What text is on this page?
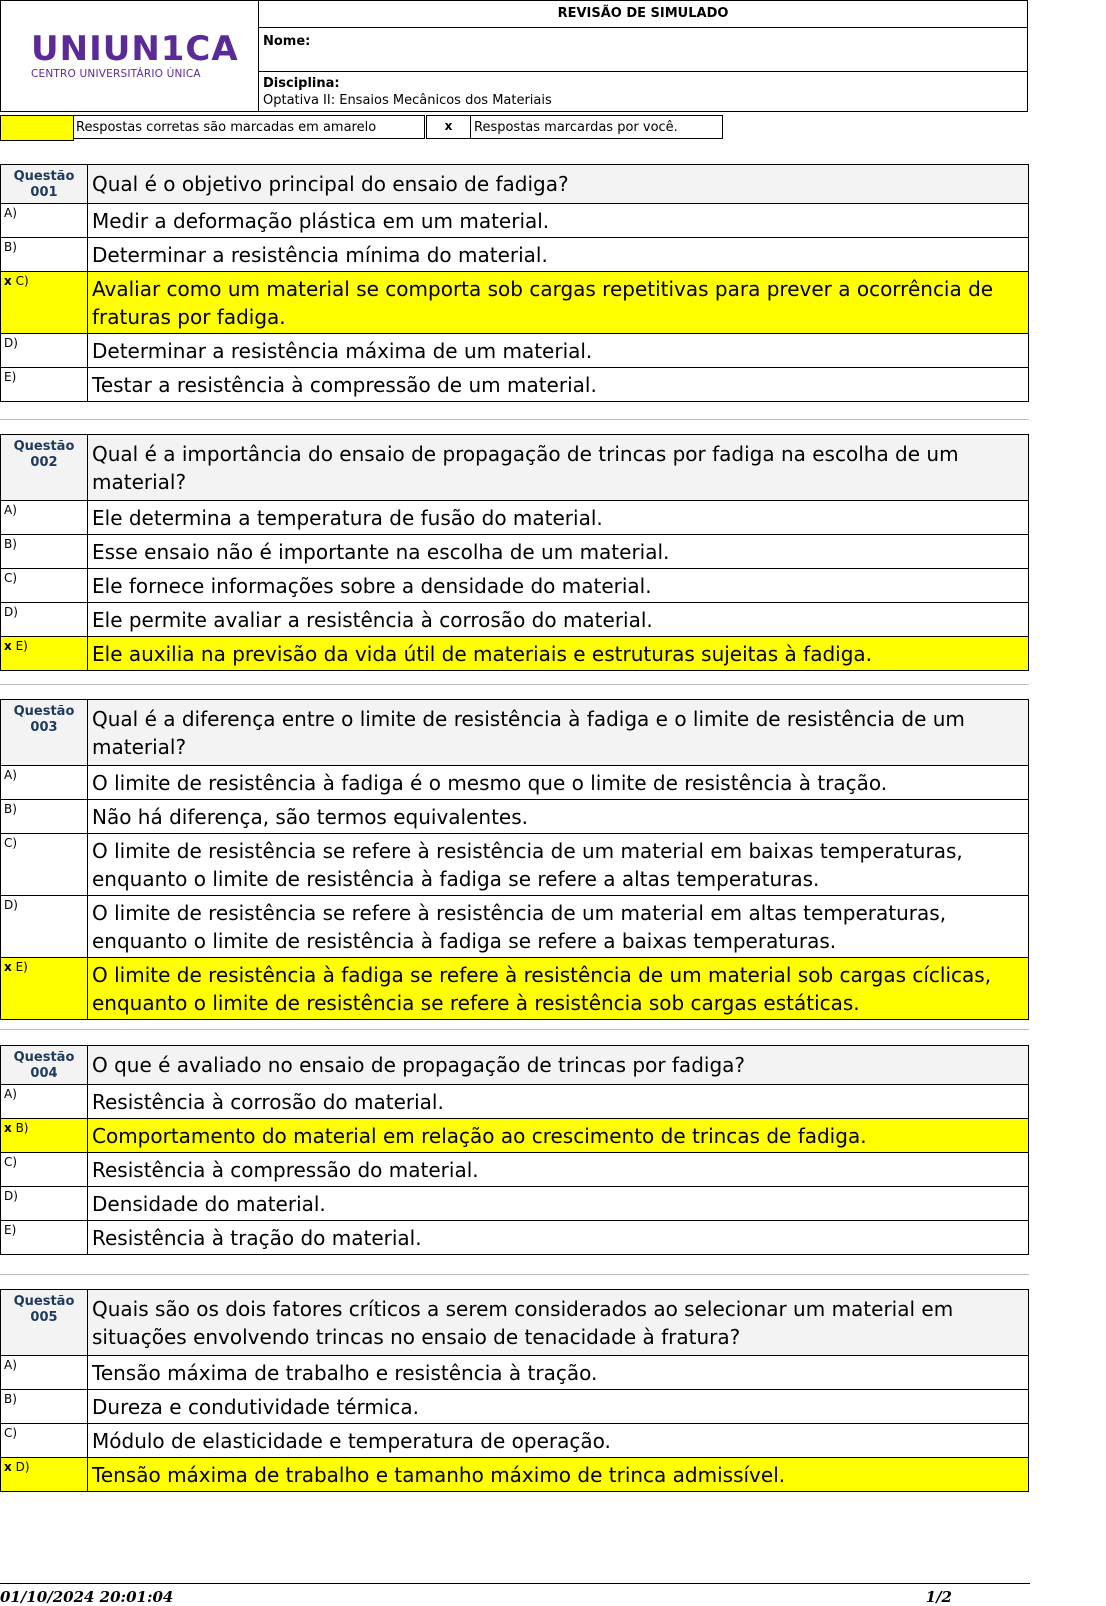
UNIUN1CA
CENTRO UNIVERSITÁRIO ÚNICA
REVISÃO DE SIMULADO
Nome:
Disciplina:
Optativa II: Ensaios Mecânicos dos Materiais
Respostas corretas são marcadas em amarelo	x	Respostas marcardas por você.
Questão
001	Qual é o objetivo principal do ensaio de fadiga?
A)	Medir a deformação plástica em um material.
B)	Determinar a resistência mínima do material.
x C)	Avaliar como um material se comporta sob cargas repetitivas para prever a ocorrência de fraturas por fadiga.
D)	Determinar a resistência máxima de um material.
E)	Testar a resistência à compressão de um material.
Questão
002	Qual é a importância do ensaio de propagação de trincas por fadiga na escolha de um material?
A)	Ele determina a temperatura de fusão do material.
B)	Esse ensaio não é importante na escolha de um material.
C)	Ele fornece informações sobre a densidade do material.
D)	Ele permite avaliar a resistência à corrosão do material.
x E)	Ele auxilia na previsão da vida útil de materiais e estruturas sujeitas à fadiga.
Questão
003	Qual é a diferença entre o limite de resistência à fadiga e o limite de resistência de um material?
A)	O limite de resistência à fadiga é o mesmo que o limite de resistência à tração.
B)	Não há diferença, são termos equivalentes.
C)	O limite de resistência se refere à resistência de um material em baixas temperaturas, enquanto o limite de resistência à fadiga se refere a altas temperaturas.
D)	O limite de resistência se refere à resistência de um material em altas temperaturas, enquanto o limite de resistência à fadiga se refere a baixas temperaturas.
x E)	O limite de resistência à fadiga se refere à resistência de um material sob cargas cíclicas, enquanto o limite de resistência se refere à resistência sob cargas estáticas.
Questão
004	O que é avaliado no ensaio de propagação de trincas por fadiga?
A)	Resistência à corrosão do material.
x B)	Comportamento do material em relação ao crescimento de trincas de fadiga.
C)	Resistência à compressão do material.
D)	Densidade do material.
E)	Resistência à tração do material.
Questão
005	Quais são os dois fatores críticos a serem considerados ao selecionar um material em situações envolvendo trincas no ensaio de tenacidade à fratura?
A)	Tensão máxima de trabalho e resistência à tração.
B)	Dureza e condutividade térmica.
C)	Módulo de elasticidade e temperatura de operação.
x D)	Tensão máxima de trabalho e tamanho máximo de trinca admissível.
01/10/2024 20:01:04	1/2
